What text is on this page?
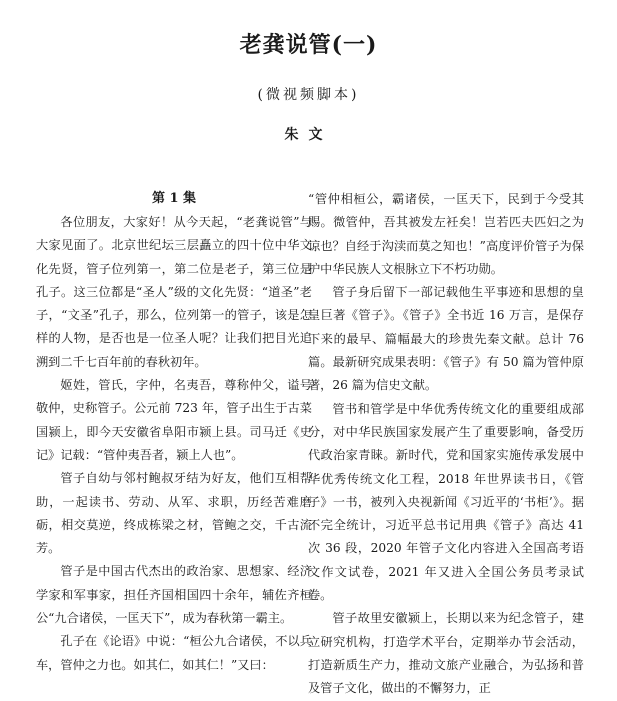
老龚说管(一)
(微视频脚本)
朱文
第 1 集

各位朋友，大家好！从今天起，“老龚说管”与大家见面了。北京世纪坛三层矗立的四十位中华文化先贤，管子位列第一，第二位是老子，第三位是孔子。这三位都是“圣人”级的文化先贤：“道圣”老子，“文圣”孔子，那么，位列第一的管子，该是怎样的人物，是否也是一位圣人呢？让我们把目光追溯到二千七百年前的春秋初年。

姬姓，管氏，字仲，名夷吾，尊称仲父，谥号敬仲，史称管子。公元前 723 年，管子出生于古菜国颍上，即今天安徽省阜阳市颍上县。司马迁《史记》记载：“管仲夷吾者，颍上人也”。

管子自幼与邻村鲍叔牙结为好友，他们互相帮助，一起读书、劳动、从军、求职，历经苦难磨砺，相交莫逆，终成栋梁之材，管鲍之交，千古流芳。

管子是中国古代杰出的政治家、思想家、经济学家和军事家，担任齐国相国四十余年，辅佐齐桓公“九合诸侯，一匡天下”，成为春秋第一霸主。

孔子在《论语》中说：“桓公九合诸侯，不以兵车，管仲之力也。如其仁，如其仁！”又曰：

“管仲相桓公，霸诸侯，一匡天下，民到于今受其赐。微管仲，吾其被发左衽矣！岂若匹夫匹妇之为谅也？自经于沟渎而莫之知也！”高度评价管子为保护中华民族人文根脉立下不朽功勋。

管子身后留下一部记载他生平事迹和思想的皇皇巨著《管子》。《管子》全书近 16 万言，是保存下来的最早、篇幅最大的珍贵先秦文献。总计 76 篇。最新研究成果表明：《管子》有 50 篇为管仲原著，26 篇为信史文献。

管书和管学是中华优秀传统文化的重要组成部分，对中华民族国家发展产生了重要影响，备受历代政治家青睐。新时代，党和国家实施传承发展中华优秀传统文化工程，2018 年世界读书日，《管子》一书，被列入央视新闻《习近平的‘书柜’》。据不完全统计，习近平总书记用典《管子》高达 41 次 36 段，2020 年管子文化内容进入全国高考语文作文试卷，2021 年又进入全国公务员考录试卷。

管子故里安徽颍上，长期以来为纪念管子，建立研究机构，打造学术平台，定期举办节会活动，打造新质生产力，推动文旅产业融合，为弘扬和普及管子文化，做出的不懈努力，正
